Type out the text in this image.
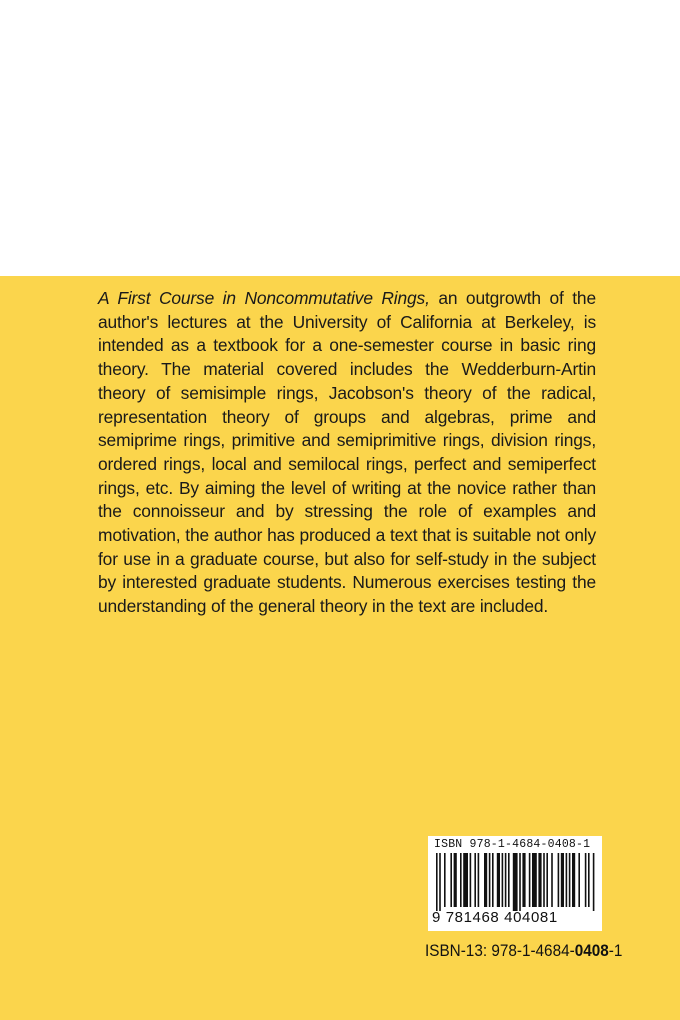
A First Course in Noncommutative Rings, an outgrowth of the author's lectures at the University of California at Berkeley, is intended as a textbook for a one-semester course in basic ring theory. The material covered includes the Wedderburn-Artin theory of semisimple rings, Jacobson's theory of the radical, representation theory of groups and algebras, prime and semiprime rings, primitive and semiprimitive rings, division rings, ordered rings, local and semilocal rings, perfect and semiperfect rings, etc. By aiming the level of writing at the novice rather than the connoisseur and by stressing the role of examples and motivation, the author has produced a text that is suitable not only for use in a graduate course, but also for self-study in the subject by interested graduate students. Numerous exercises testing the understanding of the general theory in the text are included.

ISBN 978-1-4684-0408-1
9 781468 404081
ISBN-13: 978-1-4684-0408-1
